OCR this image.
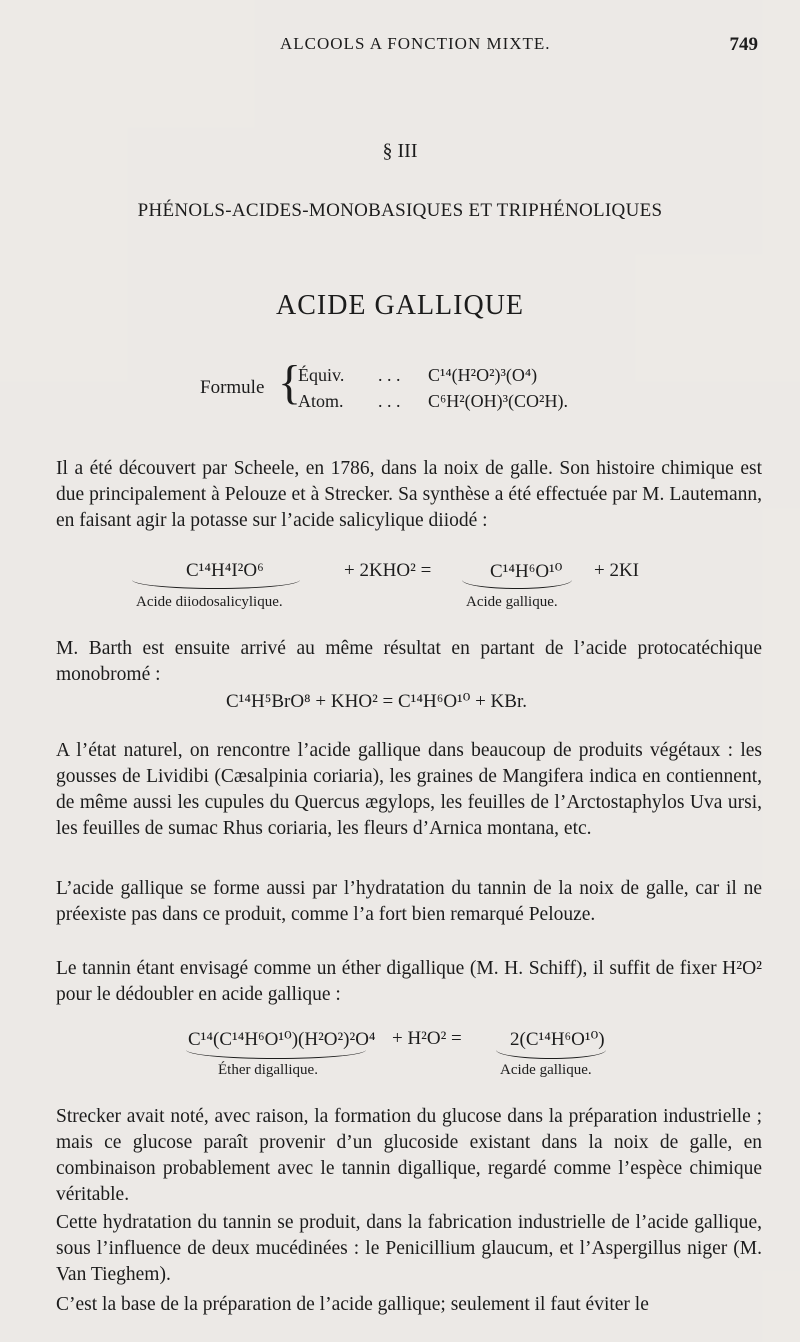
ALCOOLS A FONCTION MIXTE.	749
§ III
PHÉNOLS-ACIDES-MONOBASIQUES ET TRIPHÉNOLIQUES
ACIDE GALLIQUE
Formule {
Équiv. . . . C¹⁴(H²O²)³(O⁴)
Atom. . . . C⁶H²(OH)³(CO²H).
Il a été découvert par Scheele, en 1786, dans la noix de galle. Son histoire chimique est due principalement à Pelouze et à Strecker. Sa synthèse a été effectuée par M. Lautemann, en faisant agir la potasse sur l’acide salicylique diiodé :
C¹⁴H⁴I²O⁶	+ 2KHO² =	C¹⁴H⁶O¹⁰ + 2KI
Acide diiodosalicylique.	Acide gallique.
M. Barth est ensuite arrivé au même résultat en partant de l’acide protocatéchique monobromé :
C¹⁴H⁵BrO⁸ + KHO² = C¹⁴H⁶O¹⁰ + KBr.
A l’état naturel, on rencontre l’acide gallique dans beaucoup de produits végétaux : les gousses de Lividibi (Cæsalpinia coriaria), les graines de Mangifera indica en contiennent, de même aussi les cupules du Quercus ægylops, les feuilles de l’Arctostaphylos Uva ursi, les feuilles de sumac Rhus coriaria, les fleurs d’Arnica montana, etc.
L’acide gallique se forme aussi par l’hydratation du tannin de la noix de galle, car il ne préexiste pas dans ce produit, comme l’a fort bien remarqué Pelouze.
Le tannin étant envisagé comme un éther digallique (M. H. Schiff), il suffit de fixer H²O² pour le dédoubler en acide gallique :
C¹⁴(C¹⁴H⁶O¹⁰)(H²O²)²O⁴ + H²O² =	2(C¹⁴H⁶O¹⁰)
Éther digallique.	Acide gallique.
Strecker avait noté, avec raison, la formation du glucose dans la préparation industrielle ; mais ce glucose paraît provenir d’un glucoside existant dans la noix de galle, en combinaison probablement avec le tannin digallique, regardé comme l’espèce chimique véritable.
Cette hydratation du tannin se produit, dans la fabrication industrielle de l’acide gallique, sous l’influence de deux mucédinées : le Penicillium glaucum, et l’Aspergillus niger (M. Van Tieghem).
C’est la base de la préparation de l’acide gallique; seulement il faut éviter le
